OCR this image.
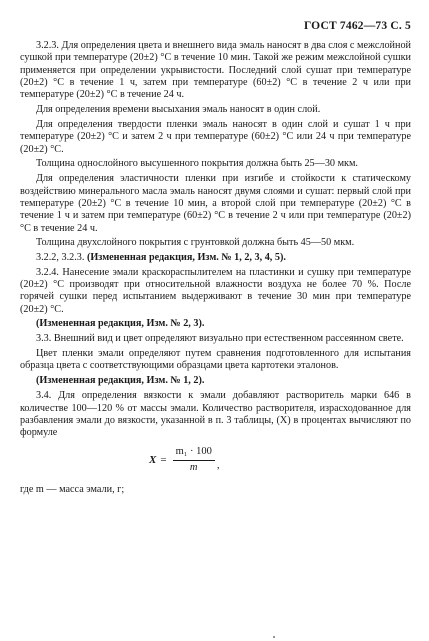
ГОСТ 7462—73 С. 5

3.2.3. Для определения цвета и внешнего вида эмаль наносят в два слоя с межслойной сушкой при температуре (20±2) °С в течение 10 мин. Такой же режим межслойной сушки применяется при определении укрывистости. Последний слой сушат при температуре (20±2) °С в течение 1 ч, затем при температуре (60±2) °С в течение 2 ч или при температуре (20±2) °С в течение 24 ч.

Для определения времени высыхания эмаль наносят в один слой.

Для определения твердости пленки эмаль наносят в один слой и сушат 1 ч при температуре (20±2) °С и затем 2 ч при температуре (60±2) °С или 24 ч при температуре (20±2) °С.

Толщина однослойного высушенного покрытия должна быть 25—30 мкм.

Для определения эластичности пленки при изгибе и стойкости к статическому воздействию минерального масла эмаль наносят двумя слоями и сушат: первый слой при температуре (20±2) °С в течение 10 мин, а второй слой при температуре (20±2) °С в течение 1 ч и затем при температуре (60±2) °С в течение 2 ч или при температуре (20±2) °С в течение 24 ч.

Толщина двухслойного покрытия с грунтовкой должна быть 45—50 мкм.

3.2.2, 3.2.3. (Измененная редакция, Изм. № 1, 2, 3, 4, 5).

3.2.4. Нанесение эмали краскораспылителем на пластинки и сушку при температуре (20±2) °С производят при относительной влажности воздуха не более 70 %. После горячей сушки перед испытанием выдерживают в течение 30 мин при температуре (20±2) °С.

(Измененная редакция, Изм. № 2, 3).

3.3. Внешний вид и цвет определяют визуально при естественном рассеянном свете.

Цвет пленки эмали определяют путем сравнения подготовленного для испытания образца цвета с соответствующими образцами цвета картотеки эталонов.

(Измененная редакция, Изм. № 1, 2).

3.4. Для определения вязкости к эмали добавляют растворитель марки 646 в количестве 100—120 % от массы эмали. Количество растворителя, израсходованное для разбавления эмали до вязкости, указанной в п. 3 таблицы, (X) в процентах вычисляют по формуле

$X = \frac{\text{m₁ · 100}}{m}$ ,

где m — масса эмали, г;
